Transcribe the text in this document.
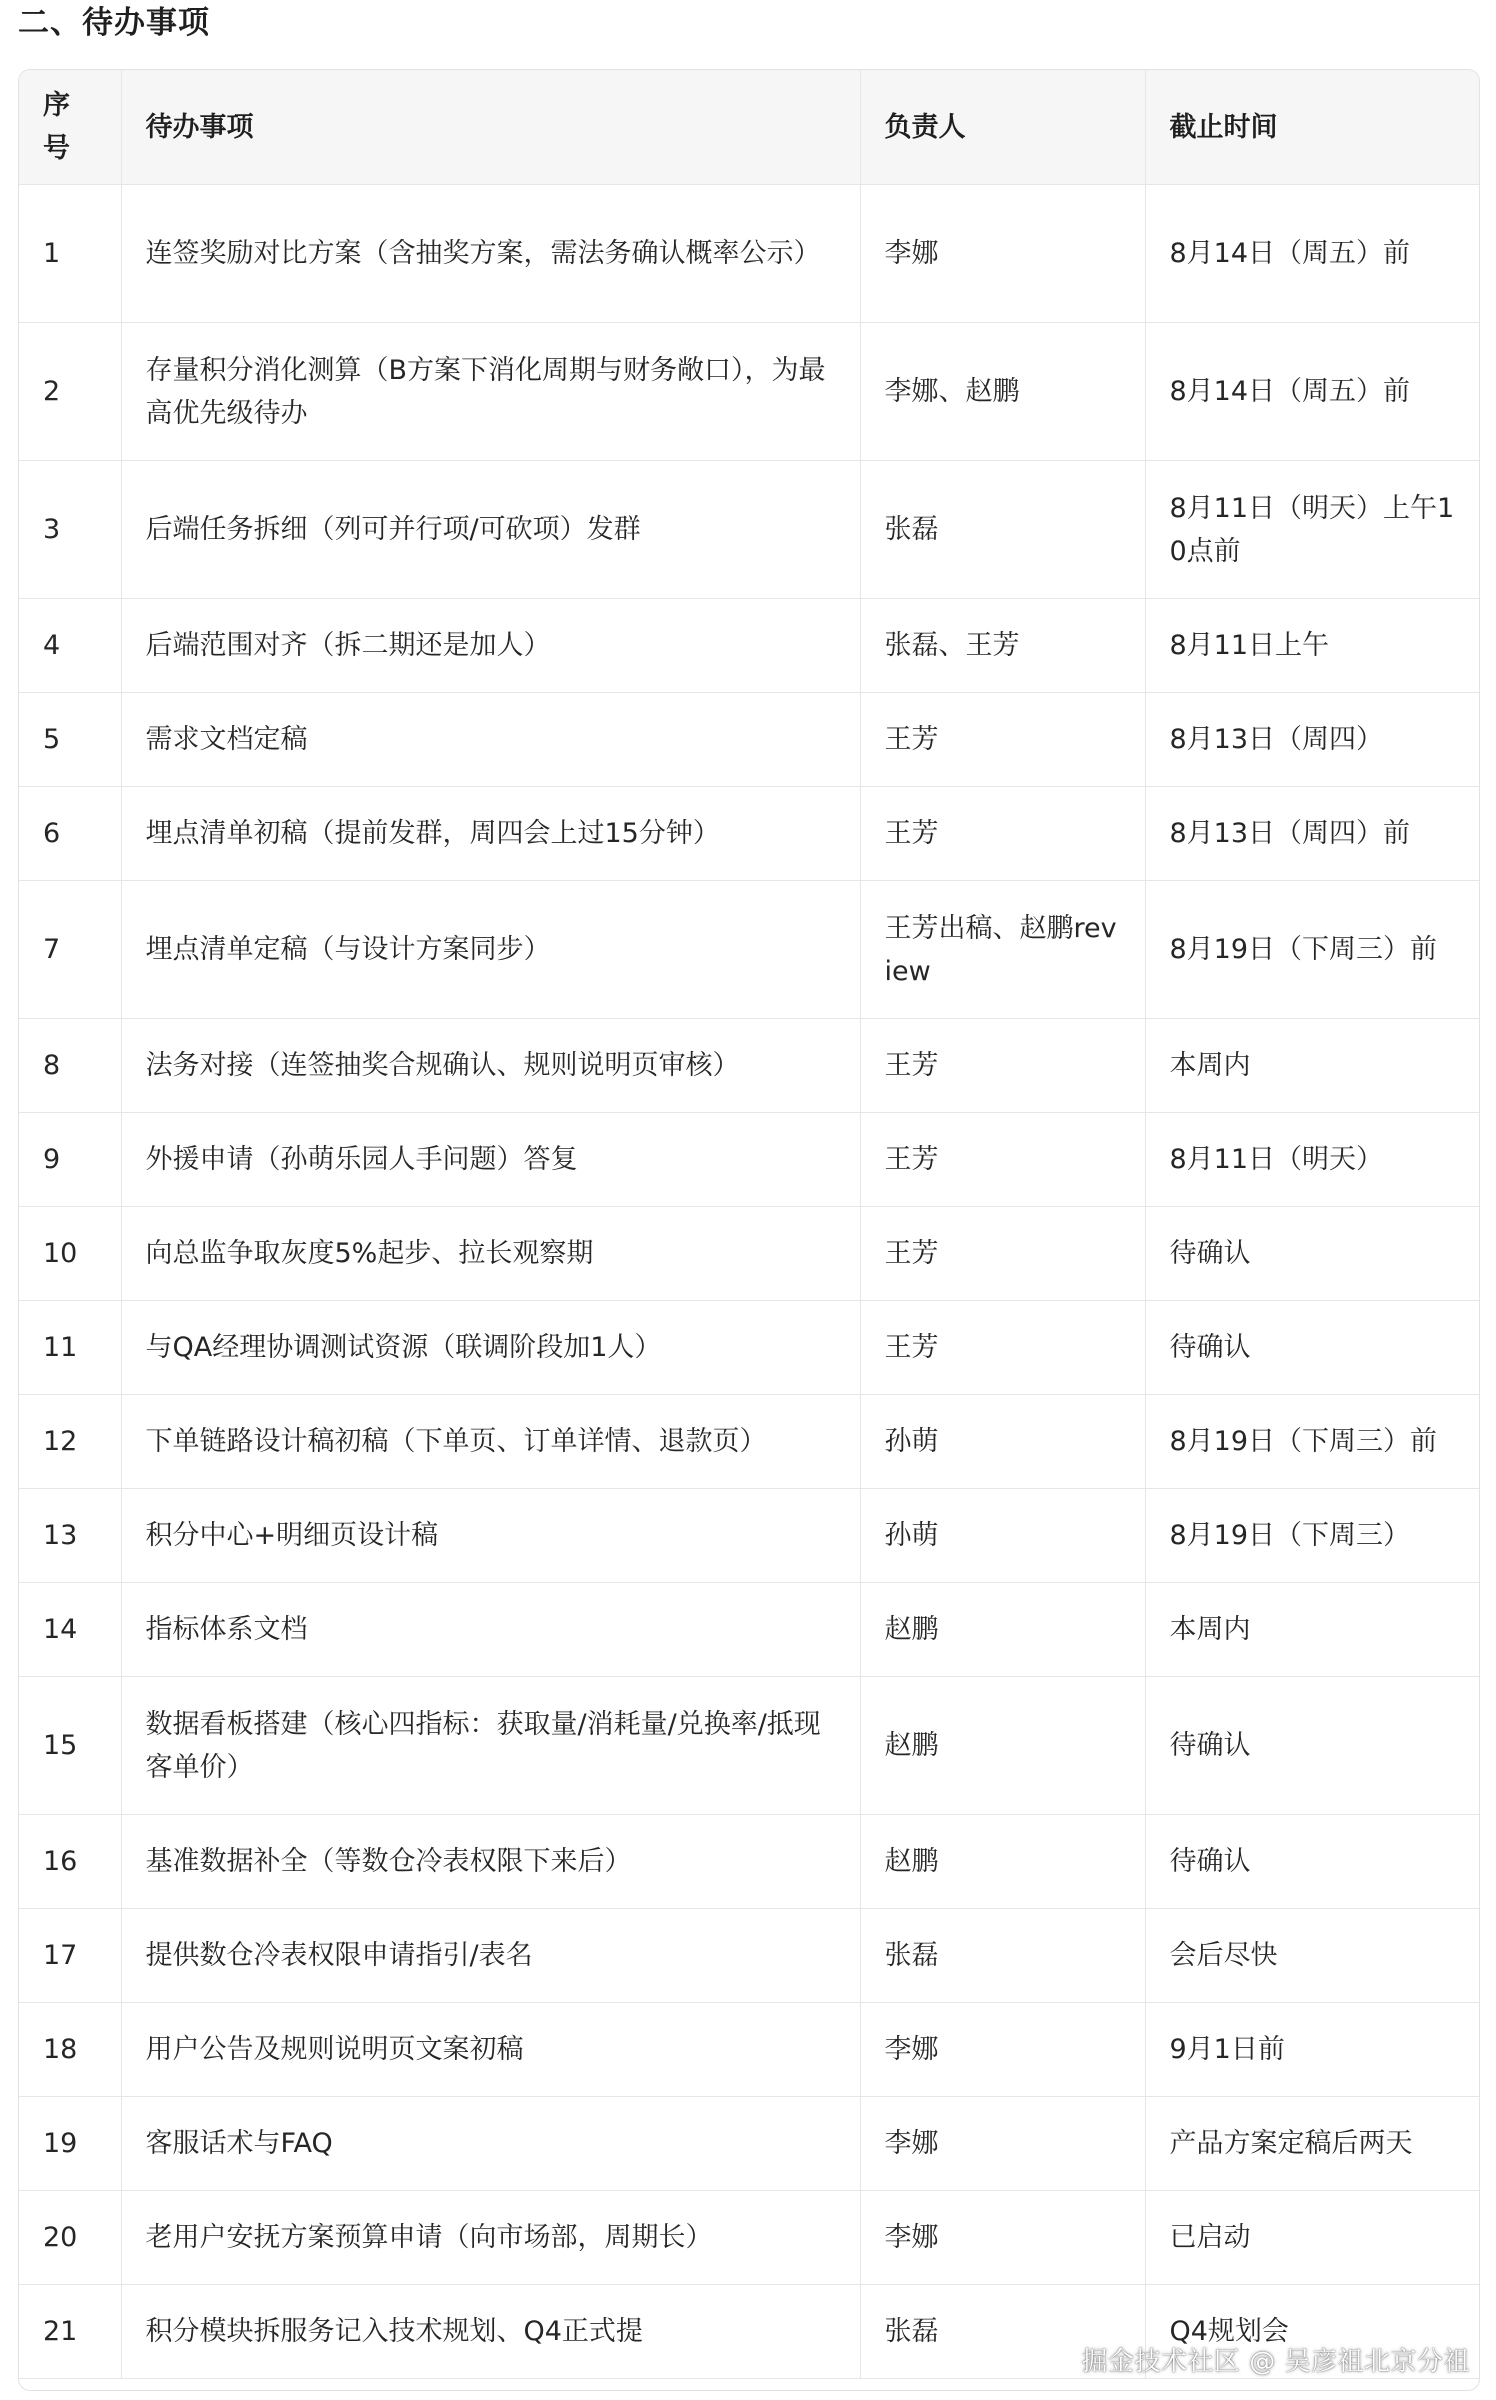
二、待办事项
序号	待办事项	负责人	截止时间
1	连签奖励对比方案（含抽奖方案，需法务确认概率公示）	李娜	8月14日（周五）前
2	存量积分消化测算（B方案下消化周期与财务敞口），为最高优先级待办	李娜、赵鹏	8月14日（周五）前
3	后端任务拆细（列可并行项/可砍项）发群	张磊	8月11日（明天）上午10点前
4	后端范围对齐（拆二期还是加人）	张磊、王芳	8月11日上午
5	需求文档定稿	王芳	8月13日（周四）
6	埋点清单初稿（提前发群，周四会上过15分钟）	王芳	8月13日（周四）前
7	埋点清单定稿（与设计方案同步）	王芳出稿、赵鹏review	8月19日（下周三）前
8	法务对接（连签抽奖合规确认、规则说明页审核）	王芳	本周内
9	外援申请（孙萌乐园人手问题）答复	王芳	8月11日（明天）
10	向总监争取灰度5%起步、拉长观察期	王芳	待确认
11	与QA经理协调测试资源（联调阶段加1人）	王芳	待确认
12	下单链路设计稿初稿（下单页、订单详情、退款页）	孙萌	8月19日（下周三）前
13	积分中心+明细页设计稿	孙萌	8月19日（下周三）
14	指标体系文档	赵鹏	本周内
15	数据看板搭建（核心四指标：获取量/消耗量/兑换率/抵现客单价）	赵鹏	待确认
16	基准数据补全（等数仓冷表权限下来后）	赵鹏	待确认
17	提供数仓冷表权限申请指引/表名	张磊	会后尽快
18	用户公告及规则说明页文案初稿	李娜	9月1日前
19	客服话术与FAQ	李娜	产品方案定稿后两天
20	老用户安抚方案预算申请（向市场部，周期长）	李娜	已启动
21	积分模块拆服务记入技术规划、Q4正式提	张磊	Q4规划会
掘金技术社区 @ 吴彦祖北京分祖
